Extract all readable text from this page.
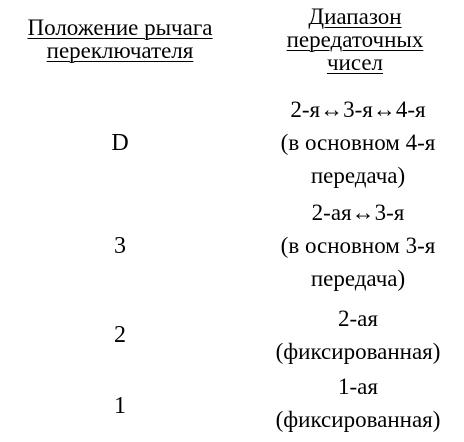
Положение рычага
переключателя
Диапазон
передаточных
чисел
D
2-я↔3-я↔4-я
(в основном 4-я
передача)
3
2-ая↔3-я
(в основном 3-я
передача)
2
2-ая
(фиксированная)
1
1-ая
(фиксированная)
